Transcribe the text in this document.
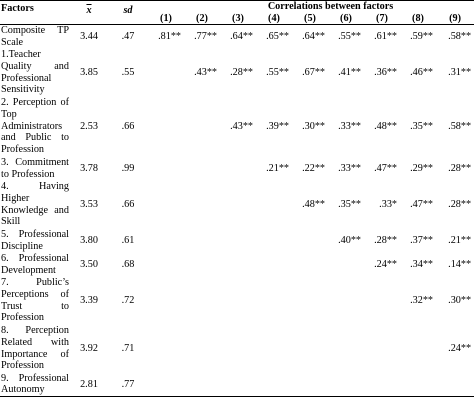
Factors	$\overline{x}$	sd	Correlations between factors								
			(1)	(2)	(3)	(4)	(5)	(6)	(7)	(8)	(9)
Composite TP Scale	3.44	.47	.81**	.77**	.64**	.65**	.64**	.55**	.61**	.59**	.58**
1.Teacher Quality and Professional Sensitivity	3.85	.55		.43**	.28**	.55**	.67**	.41**	.36**	.46**	.31**
2. Perception of Top Administrators and Public to Profession	2.53	.66			.43**	.39**	.30**	.33**	.48**	.35**	.58**
3. Commitment to Profession	3.78	.99				.21**	.22**	.33**	.47**	.29**	.28**
4. Having Higher Knowledge and Skill	3.53	.66					.48**	.35**	.33*	.47**	.28**
5. Professional Discipline	3.80	.61						.40**	.28**	.37**	.21**
6. Professional Development	3.50	.68							.24**	.34**	.14**
7. Public’s Perceptions of Trust to Profession	3.39	.72								.32**	.30**
8. Perception Related with Importance of Profession	3.92	.71									.24**
9. Professional Autonomy	2.81	.77									
